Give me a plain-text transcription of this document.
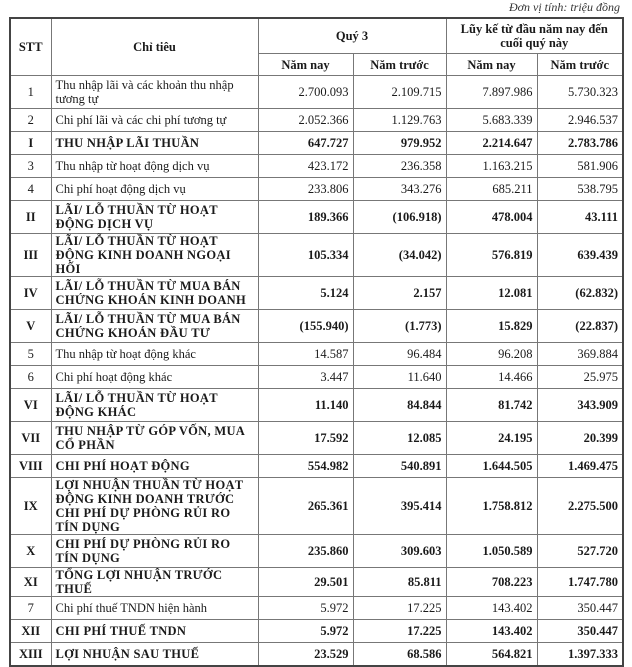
Đơn vị tính: triệu đồng
STT	Chỉ tiêu	Quý 3		Lũy kế từ đầu năm nay đến cuối quý này	
		Năm nay	Năm trước	Năm nay	Năm trước
1	Thu nhập lãi và các khoản thu nhập tương tự	2.700.093	2.109.715	7.897.986	5.730.323
2	Chi phí lãi và các chi phí tương tự	2.052.366	1.129.763	5.683.339	2.946.537
I	THU NHẬP LÃI THUẦN	647.727	979.952	2.214.647	2.783.786
3	Thu nhập từ hoạt động dịch vụ	423.172	236.358	1.163.215	581.906
4	Chi phí hoạt động dịch vụ	233.806	343.276	685.211	538.795
II	LÃI/ LỖ THUẦN TỪ HOẠT ĐỘNG DỊCH VỤ	189.366	(106.918)	478.004	43.111
III	LÃI/ LỖ THUẦN TỪ HOẠT ĐỘNG KINH DOANH NGOẠI HỐI	105.334	(34.042)	576.819	639.439
IV	LÃI/ LỖ THUẦN TỪ MUA BÁN CHỨNG KHOÁN KINH DOANH	5.124	2.157	12.081	(62.832)
V	LÃI/ LỖ THUẦN TỪ MUA BÁN CHỨNG KHOÁN ĐẦU TƯ	(155.940)	(1.773)	15.829	(22.837)
5	Thu nhập từ hoạt động khác	14.587	96.484	96.208	369.884
6	Chi phí hoạt động khác	3.447	11.640	14.466	25.975
VI	LÃI/ LỖ THUẦN TỪ HOẠT ĐỘNG KHÁC	11.140	84.844	81.742	343.909
VII	THU NHẬP TỪ GÓP VỐN, MUA CỔ PHẦN	17.592	12.085	24.195	20.399
VIII	CHI PHÍ HOẠT ĐỘNG	554.982	540.891	1.644.505	1.469.475
IX	LỢI NHUẬN THUẦN TỪ HOẠT ĐỘNG KINH DOANH TRƯỚC CHI PHÍ DỰ PHÒNG RỦI RO TÍN DỤNG	265.361	395.414	1.758.812	2.275.500
X	CHI PHÍ DỰ PHÒNG RỦI RO TÍN DỤNG	235.860	309.603	1.050.589	527.720
XI	TỔNG LỢI NHUẬN TRƯỚC THUẾ	29.501	85.811	708.223	1.747.780
7	Chi phí thuế TNDN hiện hành	5.972	17.225	143.402	350.447
XII	CHI PHÍ THUẾ TNDN	5.972	17.225	143.402	350.447
XIII	LỢI NHUẬN SAU THUẾ	23.529	68.586	564.821	1.397.333
